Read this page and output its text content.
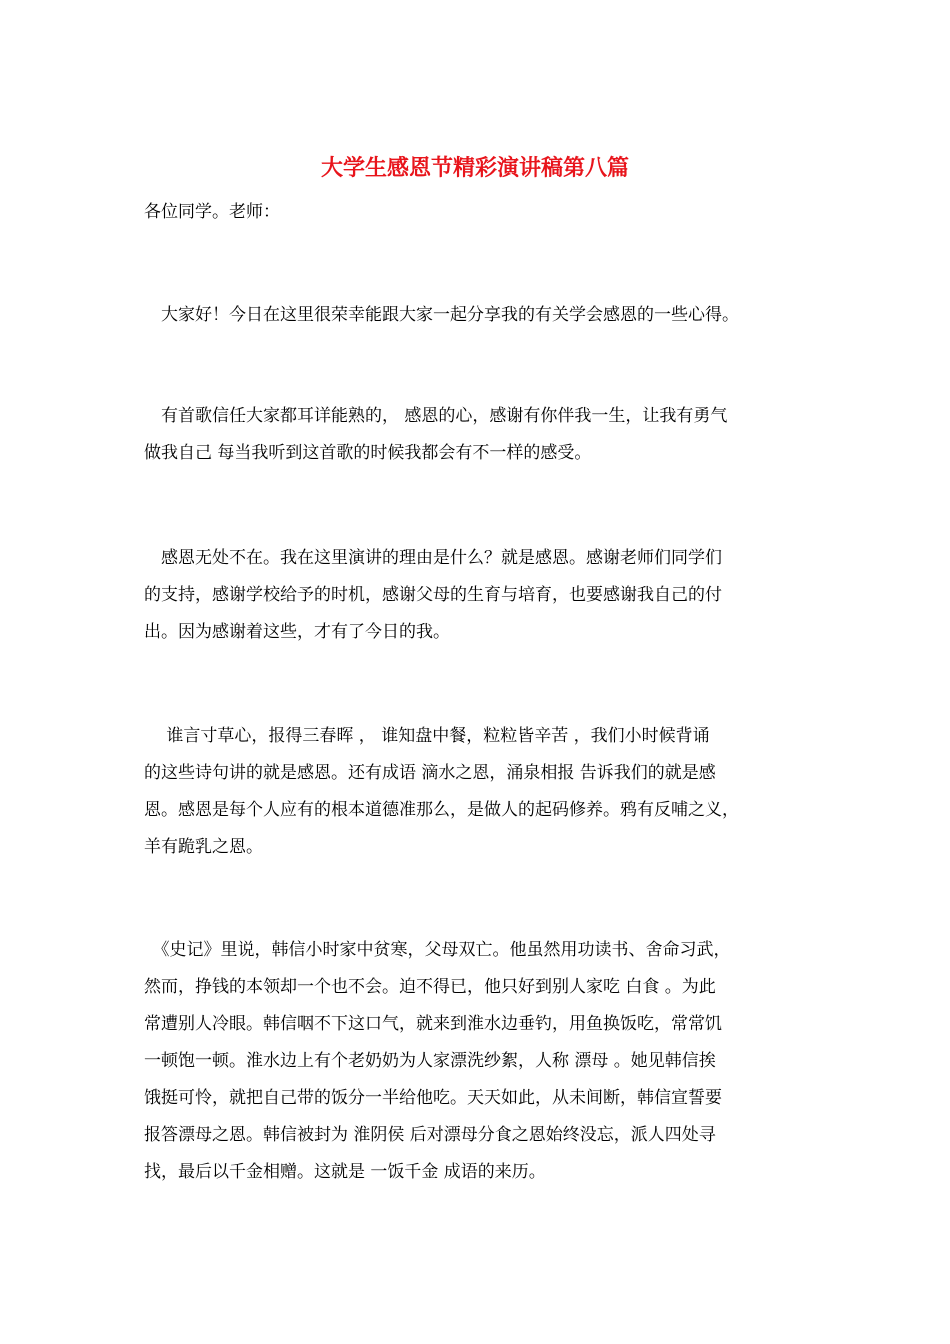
大学生感恩节精彩演讲稿第八篇

各位同学。老师：

　大家好！今日在这里很荣幸能跟大家一起分享我的有关学会感恩的一些心得。

　有首歌信任大家都耳详能熟的， 感恩的心，感谢有你伴我一生，让我有勇气
做我自己 每当我听到这首歌的时候我都会有不一样的感受。

　感恩无处不在。我在这里演讲的理由是什么？就是感恩。感谢老师们同学们
的支持，感谢学校给予的时机，感谢父母的生育与培育，也要感谢我自己的付
出。因为感谢着这些，才有了今日的我。

　 谁言寸草心，报得三春晖 ， 谁知盘中餐，粒粒皆辛苦 ，我们小时候背诵
的这些诗句讲的就是感恩。还有成语 滴水之恩，涌泉相报 告诉我们的就是感
恩。感恩是每个人应有的根本道德准那么，是做人的起码修养。鸦有反哺之义，
羊有跪乳之恩。

　《史记》里说，韩信小时家中贫寒，父母双亡。他虽然用功读书、舍命习武，
然而，挣钱的本领却一个也不会。迫不得已，他只好到别人家吃 白食 。为此
常遭别人冷眼。韩信咽不下这口气，就来到淮水边垂钓，用鱼换饭吃，常常饥
一顿饱一顿。淮水边上有个老奶奶为人家漂洗纱絮，人称 漂母 。她见韩信挨
饿挺可怜，就把自己带的饭分一半给他吃。天天如此，从未间断，韩信宣誓要
报答漂母之恩。韩信被封为 淮阴侯 后对漂母分食之恩始终没忘，派人四处寻
找，最后以千金相赠。这就是 一饭千金 成语的来历。
